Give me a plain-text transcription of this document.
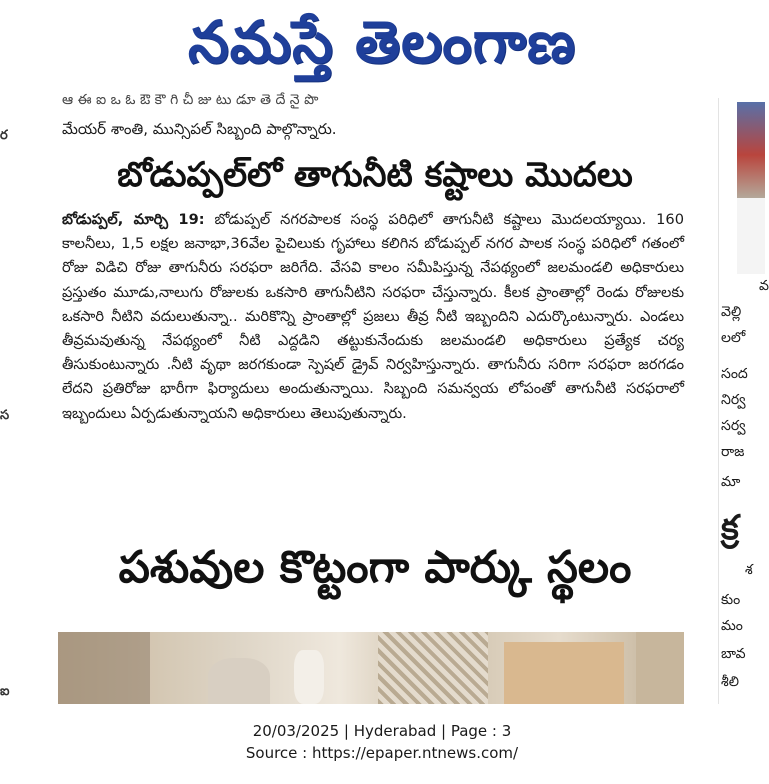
నమస్తే తెలంగాణ
ర
స
ఐ
ఆ ఈ ఐ ఒ ఓ ఔ కౌ గి చీ జు టు డూ తె దే నై పొ
మేయర్ శాంతి, మున్సిపల్ సిబ్బంది పాల్గొన్నారు.
బోడుప్పల్‌లో తాగునీటి కష్టాలు మొదలు

బోడుప్పల్, మార్చి 19: బోడుప్పల్ నగరపాలక సంస్థ పరిధిలో తాగునీటి కష్టాలు మొదలయ్యాయి. 160 కాలనీలు, 1,5 లక్షల జనాభా,36వేల పైచిలుకు గృహాలు కలిగిన బోడుప్పల్ నగర పాలక సంస్థ పరిధిలో గతంలో రోజు విడిచి రోజు తాగునీరు సరఫరా జరిగేది. వేసవి కాలం సమీపిస్తున్న నేపథ్యంలో జలమండలి అధికారులు ప్రస్తుతం మూడు,నాలుగు రోజులకు ఒకసారి తాగునీటిని సరఫరా చేస్తున్నారు. కీలక ప్రాంతాల్లో రెండు రోజులకు ఒకసారి నీటిని వదులుతున్నా.. మరికొన్ని ప్రాంతాల్లో ప్రజలు తీవ్ర నీటి ఇబ్బందిని ఎదుర్కొంటున్నారు. ఎండలు తీవ్రమవుతున్న నేపథ్యంలో నీటి ఎద్దడిని తట్టుకునేందుకు జలమండలి అధికారులు ప్రత్యేక చర్య తీసుకుంటున్నారు .నీటి వృథా జరగకుండా స్పెషల్ డ్రైవ్ నిర్వహిస్తున్నారు. తాగునీరు సరిగా సరఫరా జరగడం లేదని ప్రతిరోజు భారీగా ఫిర్యాదులు అందుతున్నాయి. సిబ్బంది సమన్వయ లోపంతో తాగునీటి సరఫరాలో ఇబ్బందులు ఏర్పడుతున్నాయని అధికారులు తెలుపుతున్నారు.

పశువుల కొట్టంగా పార్కు స్థలం
వ
వెల్లి
లలో
సంద
నిర్వ
సర్వ
రాజ
మా
క్ర
శ
కుం
మం
బావ
శీలి
20/03/2025 | Hyderabad | Page : 3
Source : https://epaper.ntnews.com/
